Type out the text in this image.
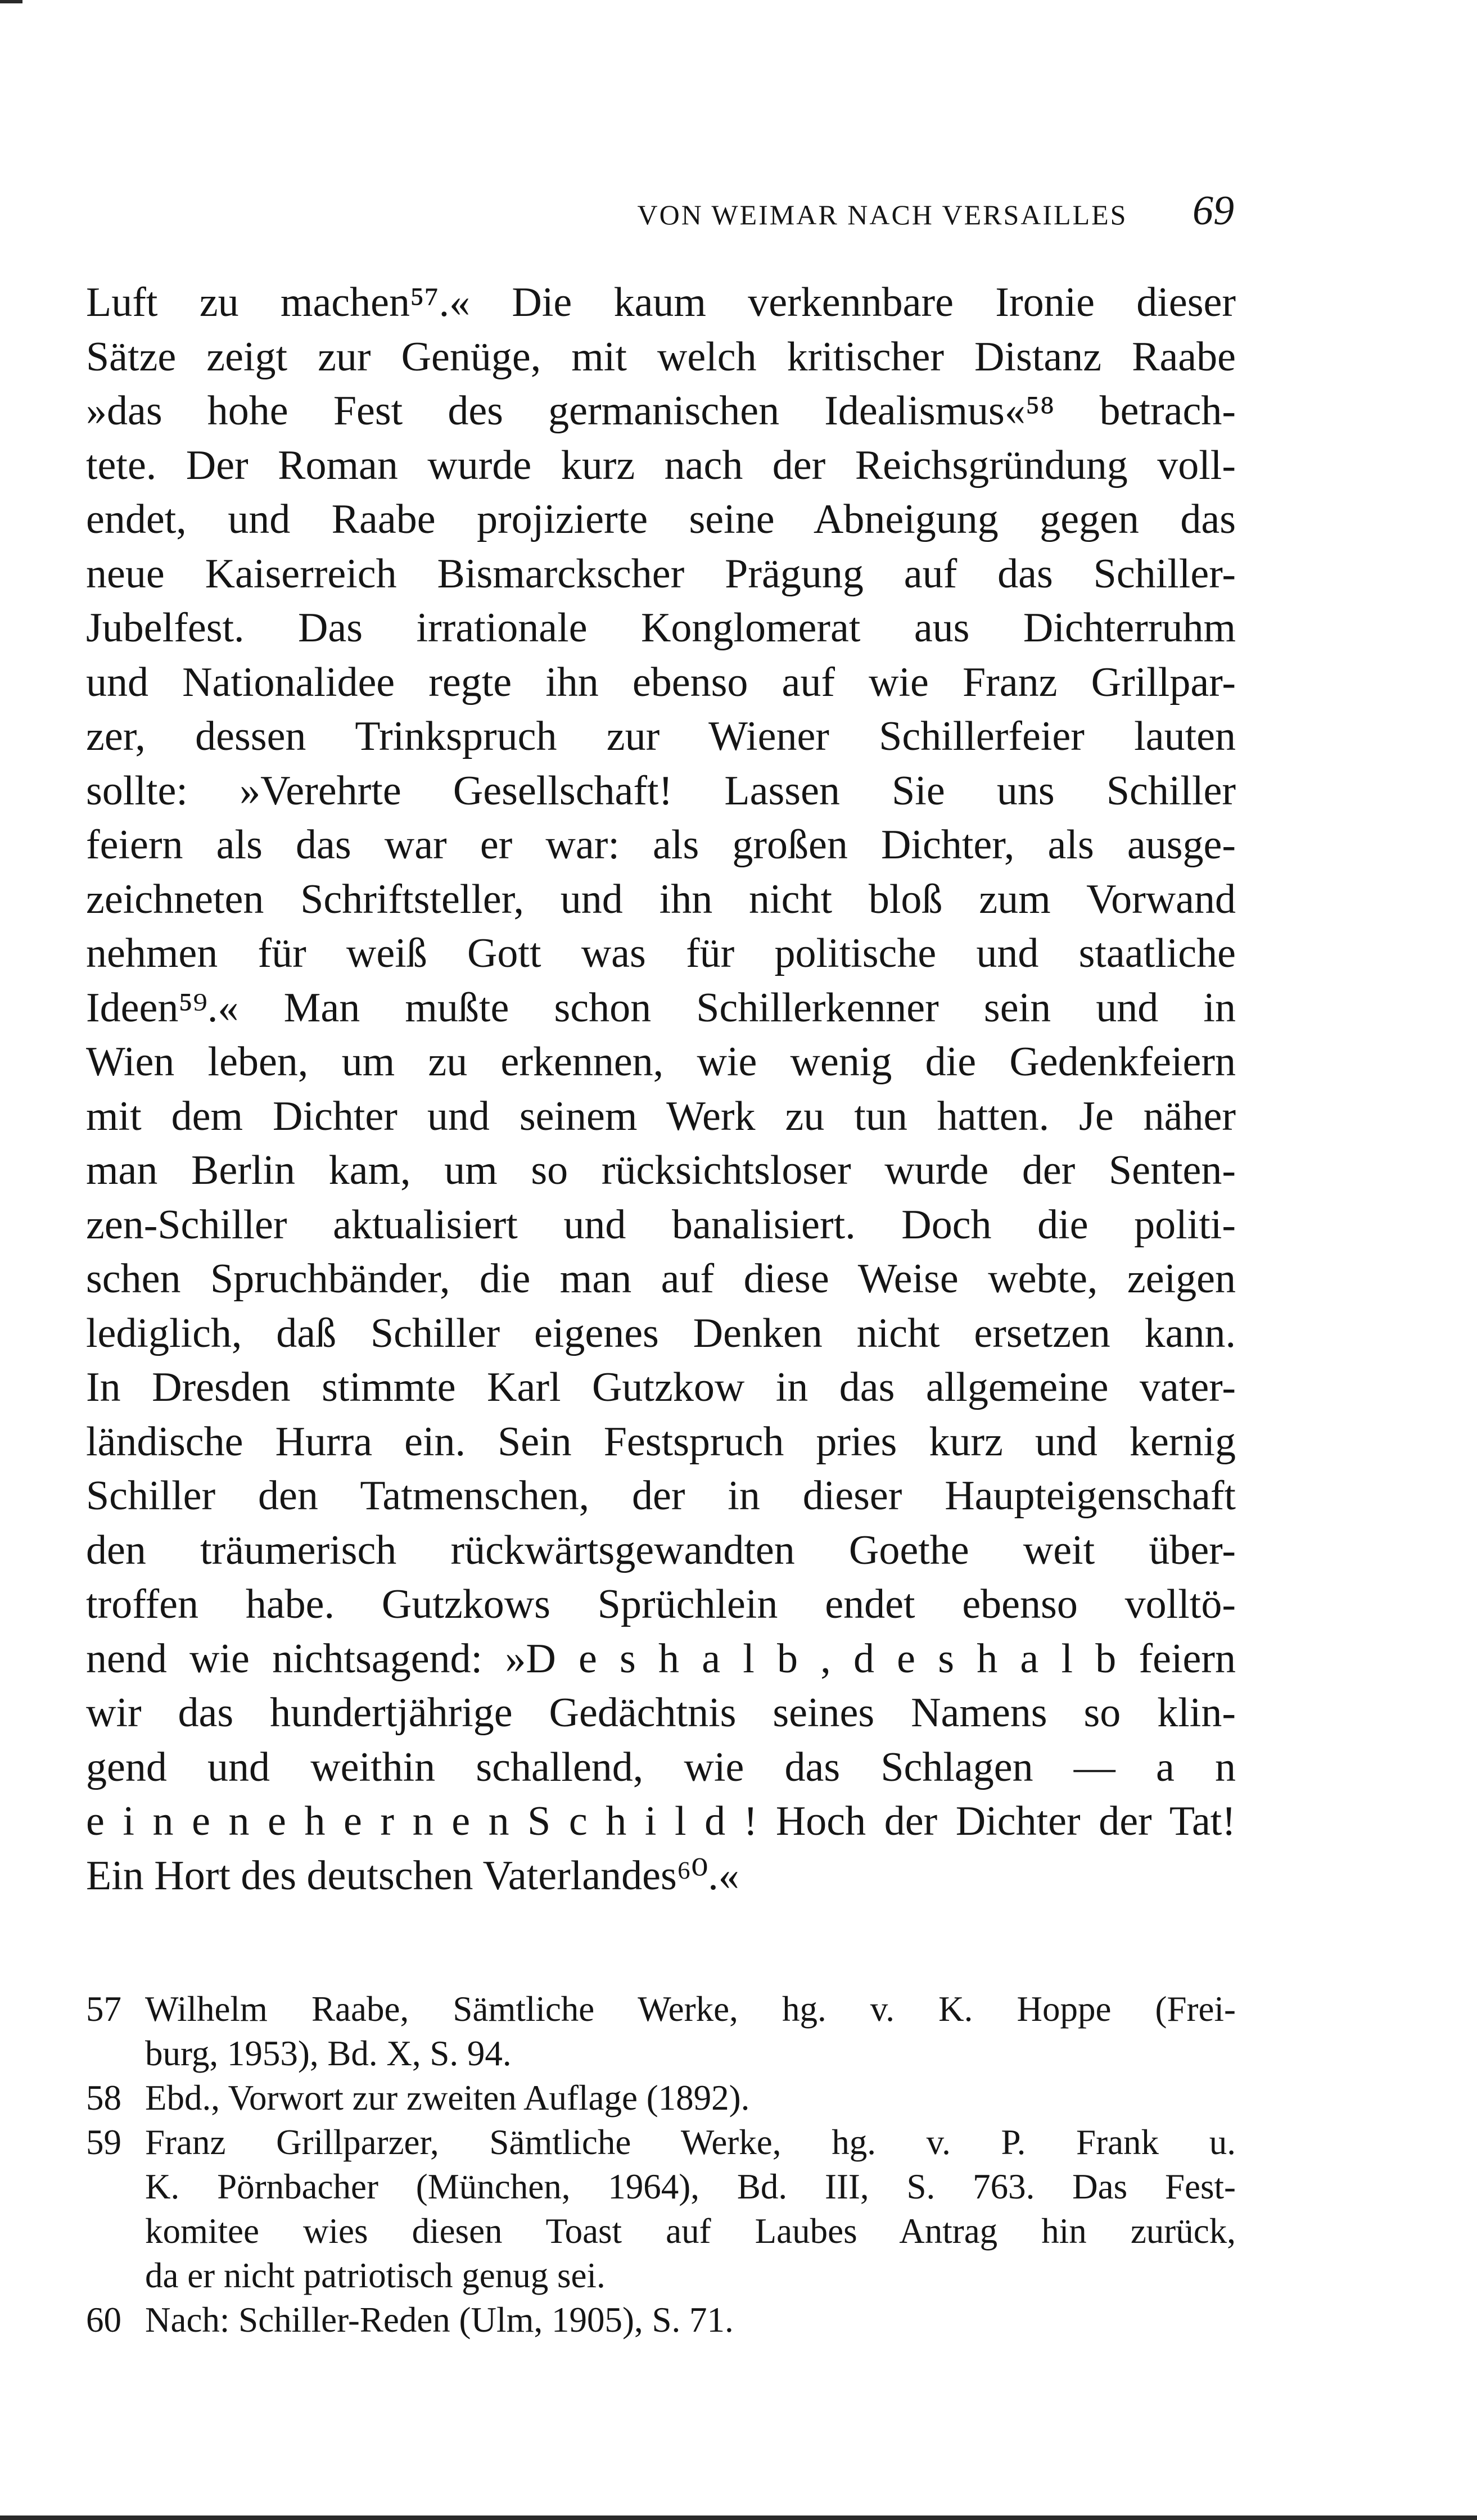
VON WEIMAR NACH VERSAILLES 69
Luft zu machen⁵⁷.« Die kaum verkennbare Ironie dieser
Sätze zeigt zur Genüge, mit welch kritischer Distanz Raabe
»das hohe Fest des germanischen Idealismus«⁵⁸ betrach-
tete. Der Roman wurde kurz nach der Reichsgründung voll-
endet, und Raabe projizierte seine Abneigung gegen das
neue Kaiserreich Bismarckscher Prägung auf das Schiller-
Jubelfest. Das irrationale Konglomerat aus Dichterruhm
und Nationalidee regte ihn ebenso auf wie Franz Grillpar-
zer, dessen Trinkspruch zur Wiener Schillerfeier lauten
sollte: »Verehrte Gesellschaft! Lassen Sie uns Schiller
feiern als das war er war: als großen Dichter, als ausge-
zeichneten Schriftsteller, und ihn nicht bloß zum Vorwand
nehmen für weiß Gott was für politische und staatliche
Ideen⁵⁹.« Man mußte schon Schillerkenner sein und in
Wien leben, um zu erkennen, wie wenig die Gedenkfeiern
mit dem Dichter und seinem Werk zu tun hatten. Je näher
man Berlin kam, um so rücksichtsloser wurde der Senten-
zen-Schiller aktualisiert und banalisiert. Doch die politi-
schen Spruchbänder, die man auf diese Weise webte, zeigen
lediglich, daß Schiller eigenes Denken nicht ersetzen kann.
In Dresden stimmte Karl Gutzkow in das allgemeine vater-
ländische Hurra ein. Sein Festspruch pries kurz und kernig
Schiller den Tatmenschen, der in dieser Haupteigenschaft
den träumerisch rückwärtsgewandten Goethe weit über-
troffen habe. Gutzkows Sprüchlein endet ebenso volltö-
nend wie nichtsagend: »D e s h a l b , d e s h a l b feiern
wir das hundertjährige Gedächtnis seines Namens so klin-
gend und weithin schallend, wie das Schlagen — a n
e i n e n e h e r n e n S c h i l d ! Hoch der Dichter der Tat!
Ein Hort des deutschen Vaterlandes⁶⁰.«
57 Wilhelm Raabe, Sämtliche Werke, hg. v. K. Hoppe (Frei-
burg, 1953), Bd. X, S. 94.
58 Ebd., Vorwort zur zweiten Auflage (1892).
59 Franz Grillparzer, Sämtliche Werke, hg. v. P. Frank u.
K. Pörnbacher (München, 1964), Bd. III, S. 763. Das Fest-
komitee wies diesen Toast auf Laubes Antrag hin zurück,
da er nicht patriotisch genug sei.
60 Nach: Schiller-Reden (Ulm, 1905), S. 71.
